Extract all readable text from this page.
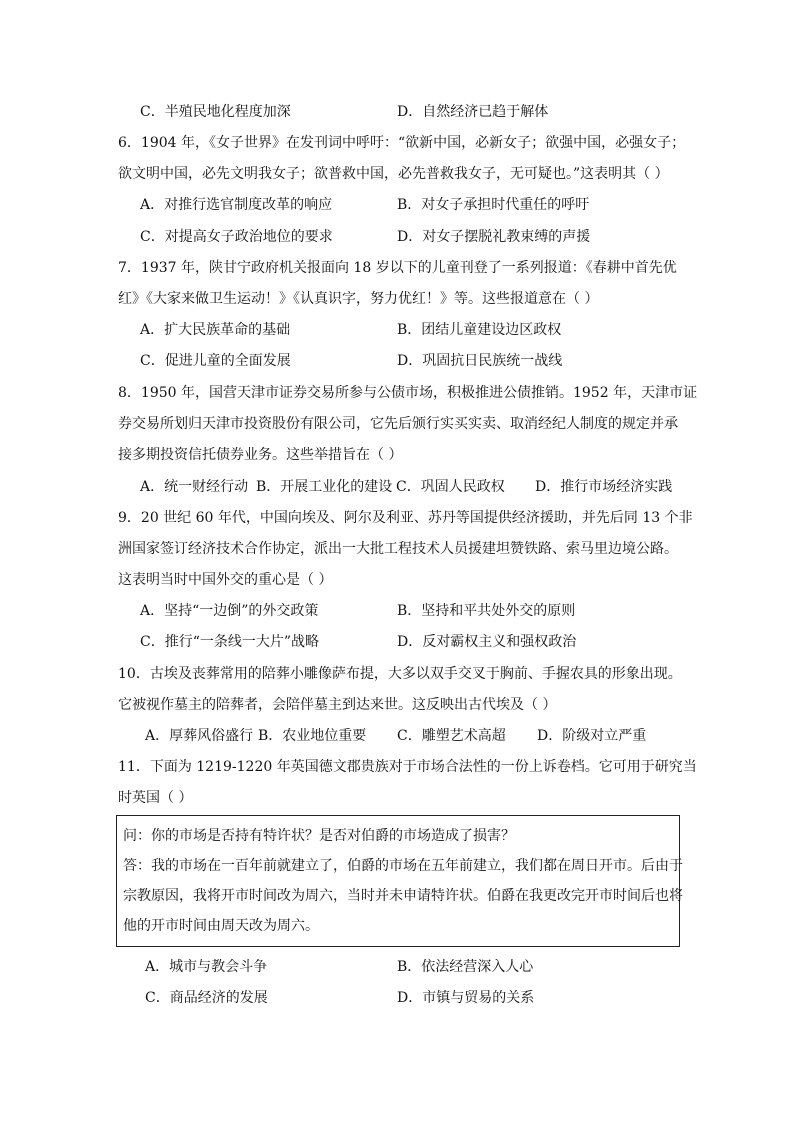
C．半殖民地化程度加深	D．自然经济已趋于解体
6．1904 年，《女子世界》在发刊词中呼吁：“欲新中国，必新女子；欲强中国，必强女子；
欲文明中国，必先文明我女子；欲普救中国，必先普救我女子，无可疑也。”这表明其（ ）
A．对推行选官制度改革的响应	B．对女子承担时代重任的呼吁
C．对提高女子政治地位的要求	D．对女子摆脱礼教束缚的声援
7．1937 年，陕甘宁政府机关报面向 18 岁以下的儿童刊登了一系列报道：《春耕中首先优
红》《大家来做卫生运动！》《认真识字，努力优红！》等。这些报道意在（ ）
A．扩大民族革命的基础	B．团结儿童建设边区政权
C．促进儿童的全面发展	D．巩固抗日民族统一战线
8．1950 年，国营天津市证券交易所参与公债市场，积极推进公债推销。1952 年，天津市证
券交易所划归天津市投资股份有限公司，它先后颁行实买实卖、取消经纪人制度的规定并承
接多期投资信托债券业务。这些举措旨在（ ）
A．统一财经行动 B．开展工业化的建设 C．巩固人民政权 D．推行市场经济实践
9．20 世纪 60 年代，中国向埃及、阿尔及利亚、苏丹等国提供经济援助，并先后同 13 个非
洲国家签订经济技术合作协定，派出一大批工程技术人员援建坦赞铁路、索马里边境公路。
这表明当时中国外交的重心是（ ）
A．坚持“一边倒”的外交政策	B．坚持和平共处外交的原则
C．推行“一条线一大片”战略	D．反对霸权主义和强权政治
10．古埃及丧葬常用的陪葬小雕像萨布提，大多以双手交叉于胸前、手握农具的形象出现。
它被视作墓主的陪葬者，会陪伴墓主到达来世。这反映出古代埃及（ ）
A．厚葬风俗盛行 B．农业地位重要 C．雕塑艺术高超 D．阶级对立严重
11．下面为 1219-1220 年英国德文郡贵族对于市场合法性的一份上诉卷档。它可用于研究当
时英国（ ）
问：你的市场是否持有特许状？是否对伯爵的市场造成了损害？
答：我的市场在一百年前就建立了，伯爵的市场在五年前建立，我们都在周日开市。后由于
宗教原因，我将开市时间改为周六，当时并未申请特许状。伯爵在我更改完开市时间后也将
他的开市时间由周天改为周六。
A．城市与教会斗争	B．依法经营深入人心
C．商品经济的发展	D．市镇与贸易的关系
